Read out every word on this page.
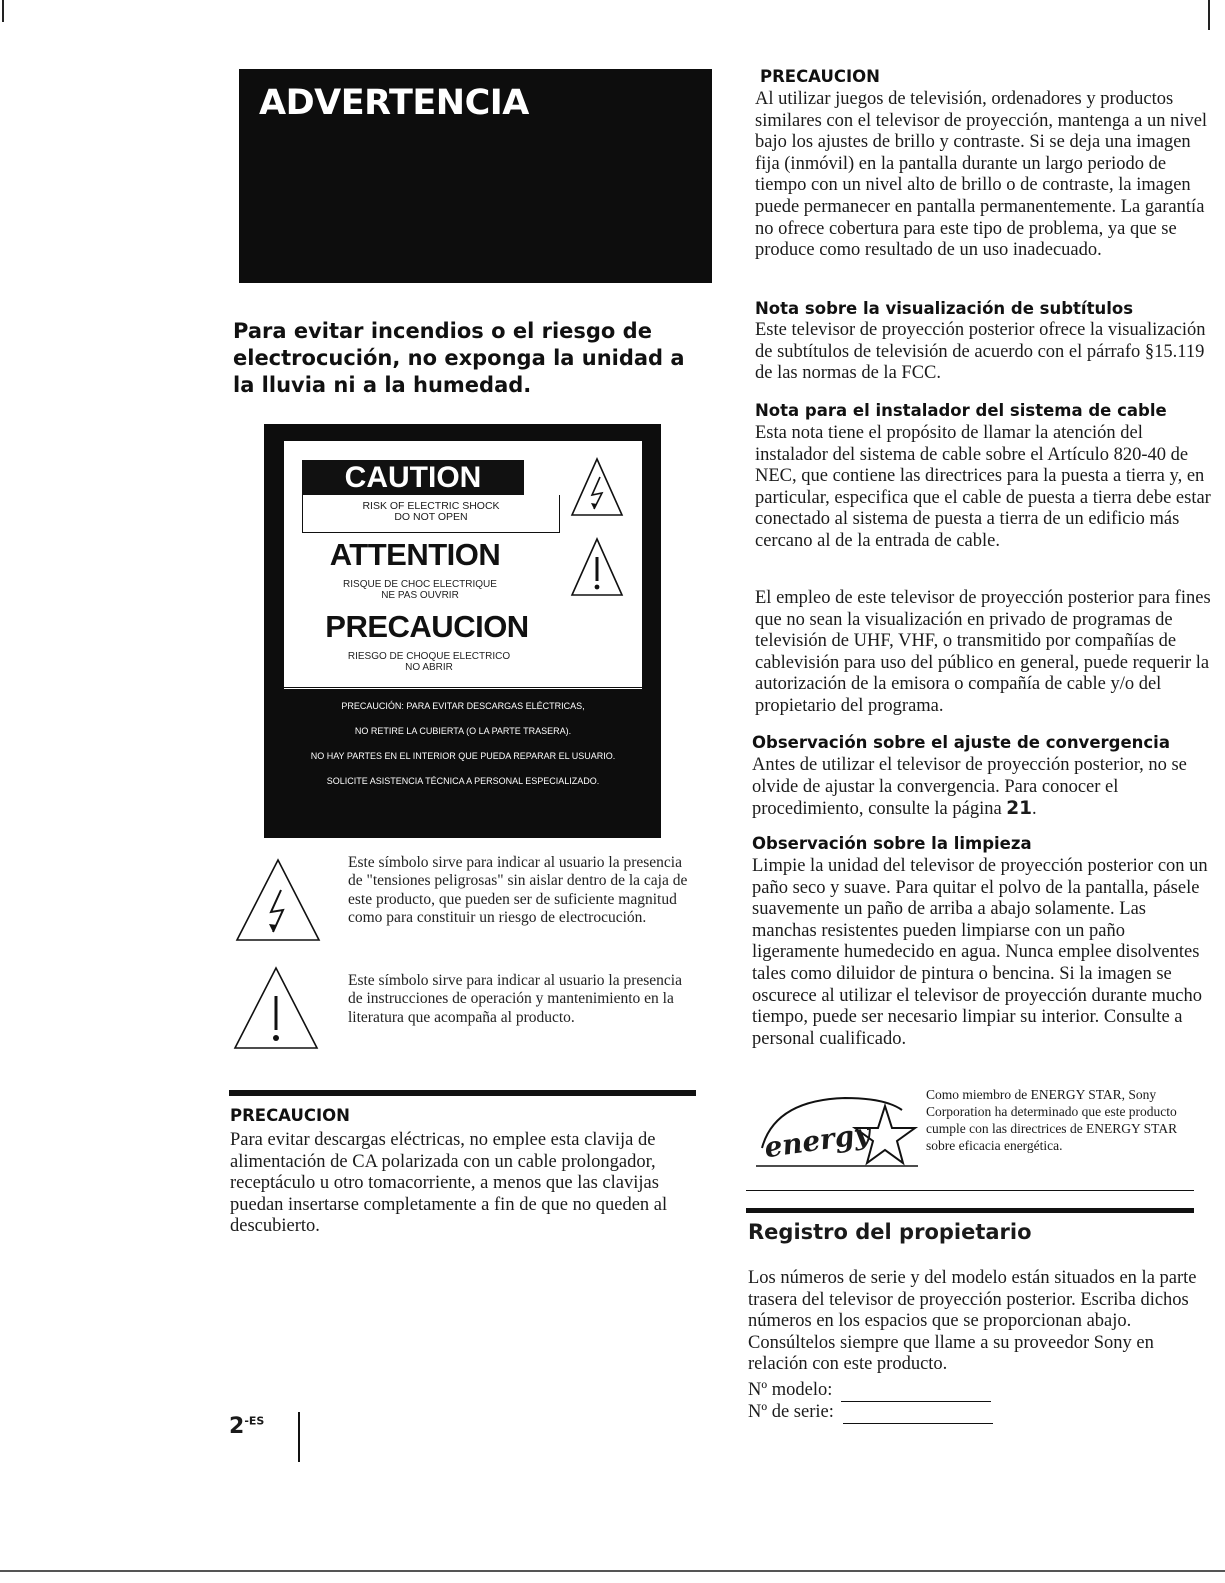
ADVERTENCIA
Para evitar incendios o el riesgo de electrocución, no exponga la unidad a la lluvia ni a la humedad.
CAUTION
RISK OF ELECTRIC SHOCK
DO NOT OPEN
ATTENTION
RISQUE DE CHOC ELECTRIQUE
NE PAS OUVRIR
PRECAUCION
RIESGO DE CHOQUE ELECTRICO
NO ABRIR
PRECAUCIÓN: PARA EVITAR DESCARGAS ELÉCTRICAS,
NO RETIRE LA CUBIERTA (O LA PARTE TRASERA).
NO HAY PARTES EN EL INTERIOR QUE PUEDA REPARAR EL USUARIO.
SOLICITE ASISTENCIA TÉCNICA A PERSONAL ESPECIALIZADO.
Este símbolo sirve para indicar al usuario la presencia de "tensiones peligrosas" sin aislar dentro de la caja de este producto, que pueden ser de suficiente magnitud como para constituir un riesgo de electrocución.
Este símbolo sirve para indicar al usuario la presencia de instrucciones de operación y mantenimiento en la literatura que acompaña al producto.
PRECAUCION
Para evitar descargas eléctricas, no emplee esta clavija de alimentación de CA polarizada con un cable prolongador, receptáculo u otro tomacorriente, a menos que las clavijas puedan insertarse completamente a fin de que no queden al descubierto.
$2^{-ES}$
PRECAUCION
Al utilizar juegos de televisión, ordenadores y productos similares con el televisor de proyección, mantenga a un nivel bajo los ajustes de brillo y contraste. Si se deja una imagen fija (inmóvil) en la pantalla durante un largo periodo de tiempo con un nivel alto de brillo o de contraste, la imagen puede permanecer en pantalla permanentemente. La garantía no ofrece cobertura para este tipo de problema, ya que se produce como resultado de un uso inadecuado.
Nota sobre la visualización de subtítulos
Este televisor de proyección posterior ofrece la visualización de subtítulos de televisión de acuerdo con el párrafo §15.119 de las normas de la FCC.
Nota para el instalador del sistema de cable
Esta nota tiene el propósito de llamar la atención del instalador del sistema de cable sobre el Artículo 820-40 de NEC, que contiene las directrices para la puesta a tierra y, en particular, especifica que el cable de puesta a tierra debe estar conectado al sistema de puesta a tierra de un edificio más cercano al de la entrada de cable.
El empleo de este televisor de proyección posterior para fines que no sean la visualización en privado de programas de televisión de UHF, VHF, o transmitido por compañías de cablevisión para uso del público en general, puede requerir la autorización de la emisora o compañía de cable y/o del propietario del programa.
Observación sobre el ajuste de convergencia
Antes de utilizar el televisor de proyección posterior, no se olvide de ajustar la convergencia. Para conocer el procedimiento, consulte la página 21.
Observación sobre la limpieza
Limpie la unidad del televisor de proyección posterior con un paño seco y suave. Para quitar el polvo de la pantalla, pásele suavemente un paño de arriba a abajo solamente. Las manchas resistentes pueden limpiarse con un paño ligeramente humedecido en agua. Nunca emplee disolventes tales como diluidor de pintura o bencina. Si la imagen se oscurece al utilizar el televisor de proyección durante mucho tiempo, puede ser necesario limpiar su interior. Consulte a personal cualificado.
energy
Como miembro de ENERGY STAR, Sony Corporation ha determinado que este producto cumple con las directrices de ENERGY STAR sobre eficacia energética.
Registro del propietario
Los números de serie y del modelo están situados en la parte trasera del televisor de proyección posterior. Escriba dichos números en los espacios que se proporcionan abajo. Consúltelos siempre que llame a su proveedor Sony en relación con este producto.
Nº modelo:
Nº de serie:
